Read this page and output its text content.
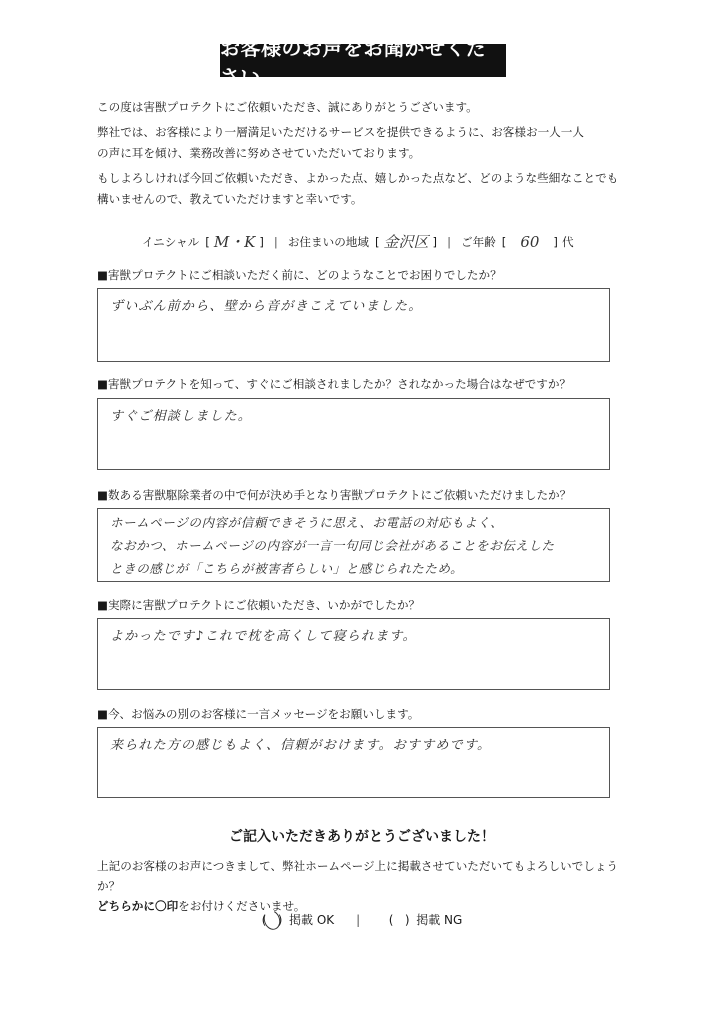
お客様のお声をお聞かせください

この度は害獣プロテクトにご依頼いただき、誠にありがとうございます。

弊社では、お客様により一層満足いただけるサービスを提供できるように、お客様お一人一人
の声に耳を傾け、業務改善に努めさせていただいております。

もしよろしければ今回ご依頼いただき、よかった点、嬉しかった点など、どのような些細なことでも
構いませんので、教えていただけますと幸いです。

イニシャル [ M・K ] | お住まいの地域 [ 金沢区 ] | ご年齢 [ 60	] 代
■害獣プロテクトにご相談いただく前に、どのようなことでお困りでしたか？
ずいぶん前から、壁から音がきこえていました。
■害獣プロテクトを知って、すぐにご相談されましたか？されなかった場合はなぜですか？
すぐご相談しました。
■数ある害獣駆除業者の中で何が決め手となり害獣プロテクトにご依頼いただけましたか？
ホームページの内容が信頼できそうに思え、お電話の対応もよく、
なおかつ、ホームページの内容が一言一句同じ会社があることをお伝えした
ときの感じが「こちらが被害者らしい」と感じられたため。
■実際に害獣プロテクトにご依頼いただき、いかがでしたか？
よかったです♪これで枕を高くして寝られます。
■今、お悩みの別のお客様に一言メッセージをお願いします。
来られた方の感じもよく、信頼がおけます。おすすめです。
ご記入いただきありがとうございました！
上記のお客様のお声につきまして、弊社ホームページ上に掲載させていただいてもよろしいでしょうか？
どちらかに〇印をお付けくださいませ。
( ) 掲載 OK	|	( ) 掲載 NG
